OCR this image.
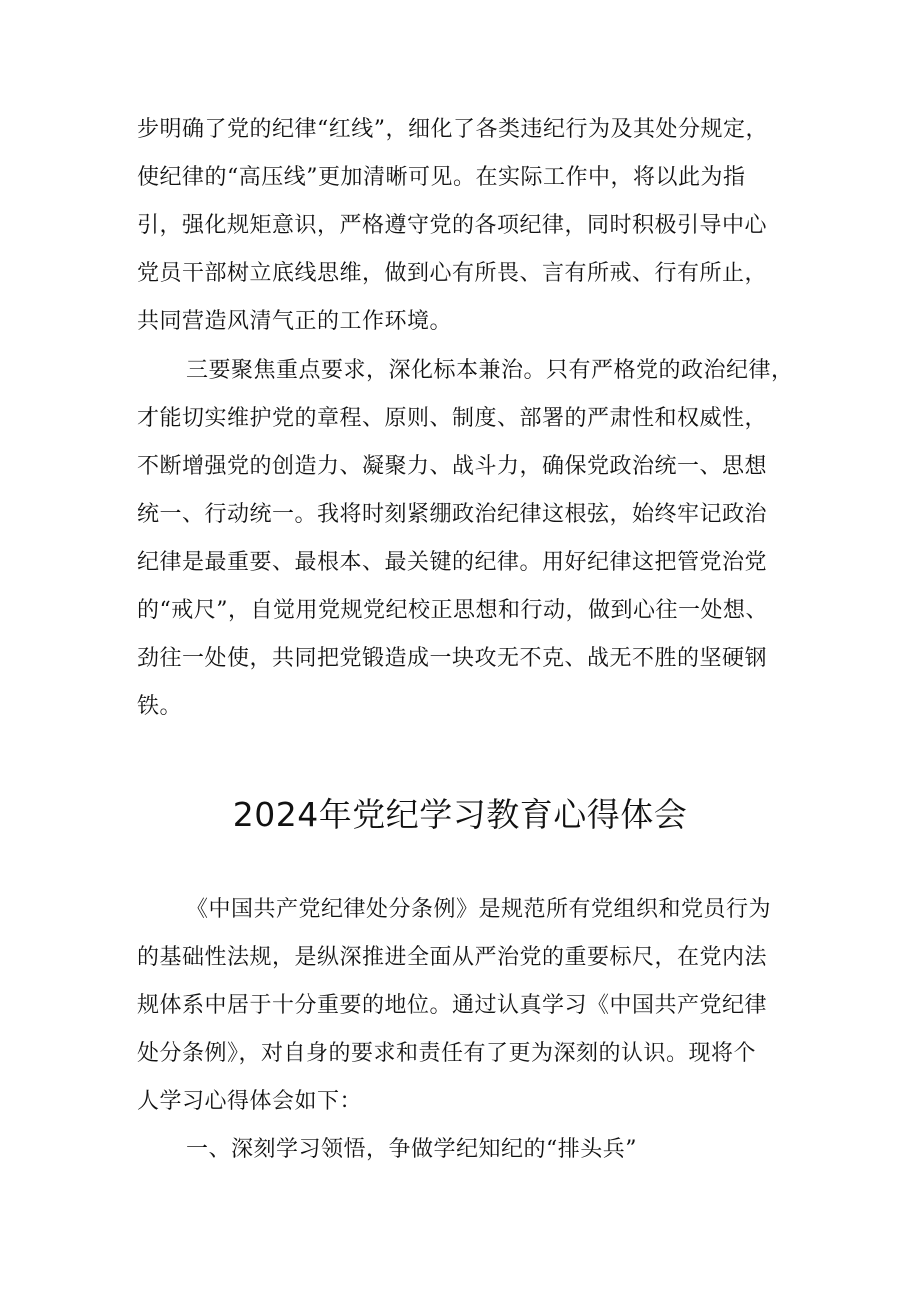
步明确了党的纪律“红线”，细化了各类违纪行为及其处分规定，
使纪律的“高压线”更加清晰可见。在实际工作中，将以此为指
引，强化规矩意识，严格遵守党的各项纪律，同时积极引导中心
党员干部树立底线思维，做到心有所畏、言有所戒、行有所止，
共同营造风清气正的工作环境。
三要聚焦重点要求，深化标本兼治。只有严格党的政治纪律，
才能切实维护党的章程、原则、制度、部署的严肃性和权威性，
不断增强党的创造力、凝聚力、战斗力，确保党政治统一、思想
统一、行动统一。我将时刻紧绷政治纪律这根弦，始终牢记政治
纪律是最重要、最根本、最关键的纪律。用好纪律这把管党治党
的“戒尺”，自觉用党规党纪校正思想和行动，做到心往一处想、
劲往一处使，共同把党锻造成一块攻无不克、战无不胜的坚硬钢
铁。
2024年党纪学习教育心得体会
《中国共产党纪律处分条例》是规范所有党组织和党员行为
的基础性法规，是纵深推进全面从严治党的重要标尺，在党内法
规体系中居于十分重要的地位。通过认真学习《中国共产党纪律
处分条例》，对自身的要求和责任有了更为深刻的认识。现将个
人学习心得体会如下：
一、深刻学习领悟，争做学纪知纪的“排头兵”
